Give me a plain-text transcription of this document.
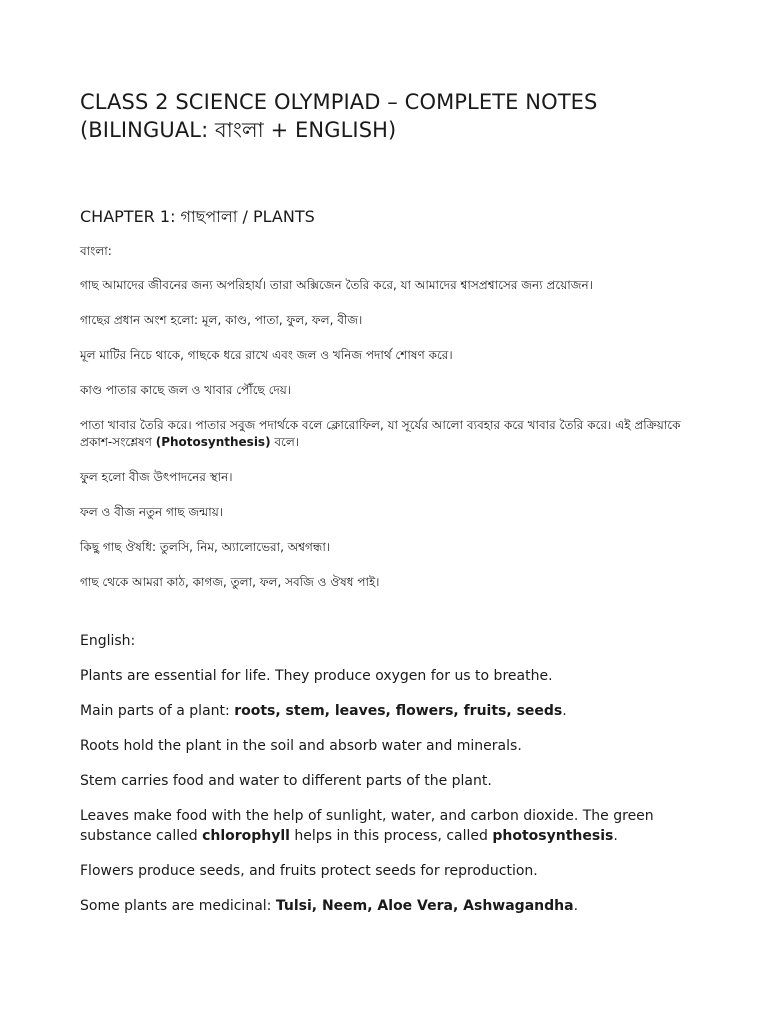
CLASS 2 SCIENCE OLYMPIAD – COMPLETE NOTES
(BILINGUAL: বাংলা + ENGLISH)
CHAPTER 1: গাছপালা / PLANTS

বাংলা:

গাছ আমাদের জীবনের জন্য অপরিহার্য। তারা অক্সিজেন তৈরি করে, যা আমাদের শ্বাসপ্রশ্বাসের জন্য প্রয়োজন।

গাছের প্রধান অংশ হলো: মূল, কাণ্ড, পাতা, ফুল, ফল, বীজ।

মূল মাটির নিচে থাকে, গাছকে ধরে রাখে এবং জল ও খনিজ পদার্থ শোষণ করে।

কাণ্ড পাতার কাছে জল ও খাবার পৌঁছে দেয়।

পাতা খাবার তৈরি করে। পাতার সবুজ পদার্থকে বলে ক্লোরোফিল, যা সূর্যের আলো ব্যবহার করে খাবার তৈরি করে। এই প্রক্রিয়াকে প্রকাশ-সংশ্লেষণ (Photosynthesis) বলে।

ফুল হলো বীজ উৎপাদনের স্থান।

ফল ও বীজ নতুন গাছ জন্মায়।

কিছু গাছ ঔষধি: তুলসি, নিম, অ্যালোভেরা, অশ্বগন্ধা।

গাছ থেকে আমরা কাঠ, কাগজ, তুলা, ফল, সবজি ও ঔষধ পাই।

English:

Plants are essential for life. They produce oxygen for us to breathe.

Main parts of a plant: roots, stem, leaves, flowers, fruits, seeds.

Roots hold the plant in the soil and absorb water and minerals.

Stem carries food and water to different parts of the plant.

Leaves make food with the help of sunlight, water, and carbon dioxide. The green substance called chlorophyll helps in this process, called photosynthesis.

Flowers produce seeds, and fruits protect seeds for reproduction.

Some plants are medicinal: Tulsi, Neem, Aloe Vera, Ashwagandha.
